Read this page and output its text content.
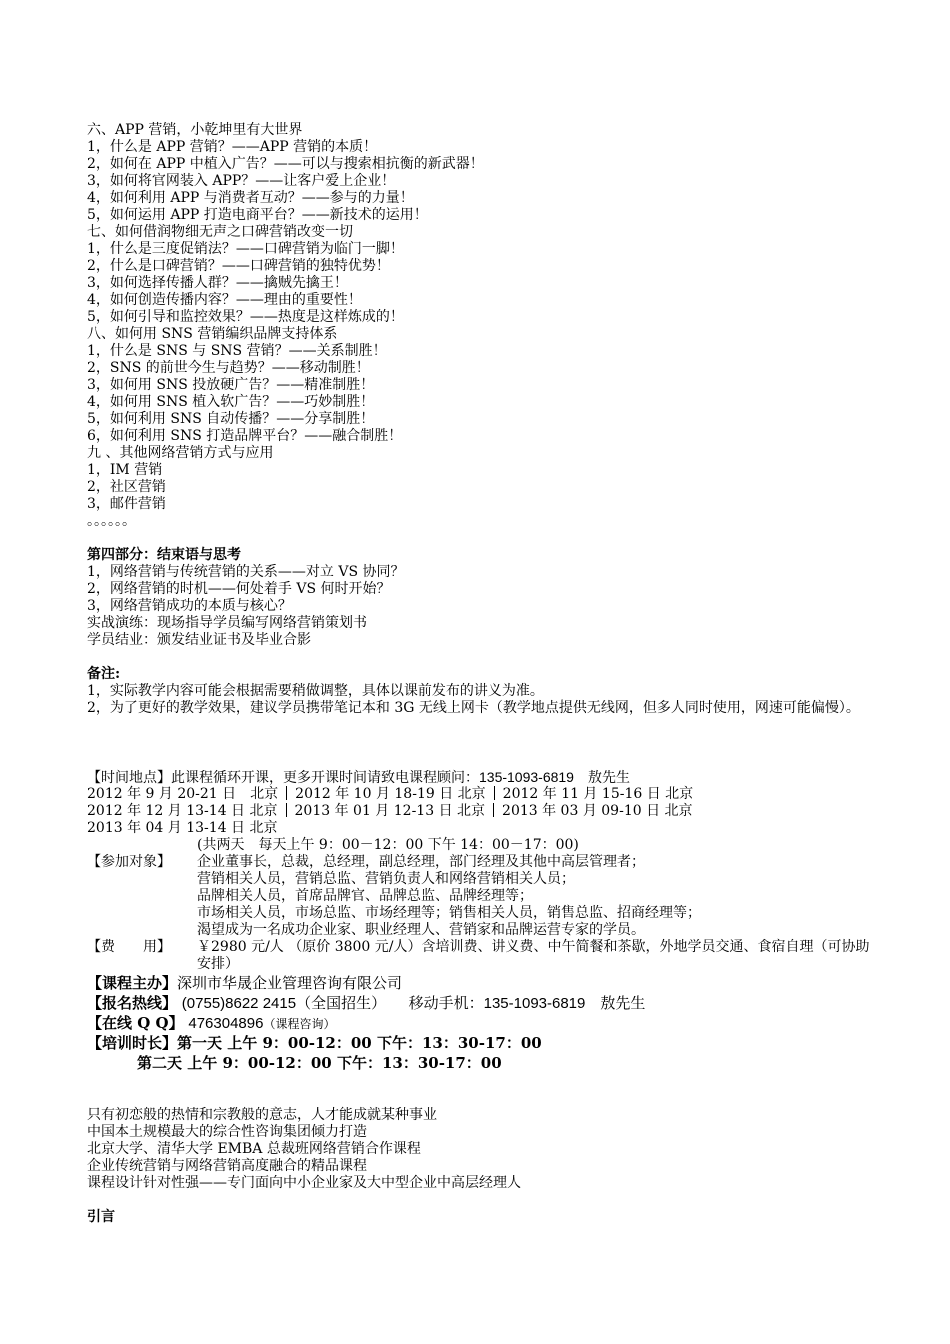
六、APP 营销，小乾坤里有大世界
1，什么是 APP 营销？——APP 营销的本质！
2，如何在 APP 中植入广告？——可以与搜索相抗衡的新武器！
3，如何将官网装入 APP？——让客户爱上企业！
4，如何利用 APP 与消费者互动？——参与的力量！
5，如何运用 APP 打造电商平台？——新技术的运用！
七、如何借润物细无声之口碑营销改变一切
1，什么是三度促销法？——口碑营销为临门一脚！
2，什么是口碑营销？——口碑营销的独特优势！
3，如何选择传播人群？——擒贼先擒王！
4，如何创造传播内容？——理由的重要性！
5，如何引导和监控效果？——热度是这样炼成的！
八、如何用 SNS 营销编织品牌支持体系
1，什么是 SNS 与 SNS 营销？——关系制胜！
2，SNS 的前世今生与趋势？——移动制胜！
3，如何用 SNS 投放硬广告？——精准制胜！
4，如何用 SNS 植入软广告？——巧妙制胜！
5，如何利用 SNS 自动传播？——分享制胜！
6，如何利用 SNS 打造品牌平台？——融合制胜！
九 、其他网络营销方式与应用
1，IM 营销
2，社区营销
3，邮件营销
。。。。。。
第四部分：结束语与思考
1，网络营销与传统营销的关系——对立 VS 协同？
2，网络营销的时机——何处着手 VS 何时开始？
3，网络营销成功的本质与核心？
实战演练：现场指导学员编写网络营销策划书
学员结业：颁发结业证书及毕业合影
备注:
1，实际教学内容可能会根据需要稍做调整，具体以课前发布的讲义为准。
2，为了更好的教学效果，建议学员携带笔记本和 3G 无线上网卡（教学地点提供无线网，但多人同时使用，网速可能偏慢）。
【时间地点】此课程循环开课，更多开课时间请致电课程顾问：135-1093-6819　 敖先生
2012 年 9 月 20-21 日　北京 2012 年 10 月 18-19 日 北京 2012 年 11 月 15-16 日 北京
2012 年 12 月 13-14 日 北京 2013 年 01 月 12-13 日 北京 2013 年 03 月 09-10 日 北京
2013 年 04 月 13-14 日 北京
(共两天　每天上午 9：00－12：00 下午 14：00－17：00)
【参加对象】	企业董事长，总裁，总经理，副总经理，部门经理及其他中高层管理者；
营销相关人员，营销总监、营销负责人和网络营销相关人员；
品牌相关人员，首席品牌官、品牌总监、品牌经理等；
市场相关人员，市场总监、市场经理等；销售相关人员，销售总监、招商经理等；
渴望成为一名成功企业家、职业经理人、营销家和品牌运营专家的学员。
【费　　用】	￥2980 元/人 （原价 3800 元/人）含培训费、讲义费、中午简餐和茶歇，外地学员交通、食宿自理（可协助安排）
【课程主办】深圳市华晟企业管理咨询有限公司
【报名热线】 (0755)8622 2415（全国招生）　　 移动手机：135-1093-6819　 敖先生
【在线 Q Q】 476304896（课程咨询）
【培训时长】第一天 上午 9：00-12：00 下午：13：30-17：00
第二天 上午 9：00-12：00 下午：13：30-17：00
只有初恋般的热情和宗教般的意志，人才能成就某种事业
中国本土规模最大的综合性咨询集团倾力打造
北京大学、清华大学 EMBA 总裁班网络营销合作课程
企业传统营销与网络营销高度融合的精品课程
课程设计针对性强——专门面向中小企业家及大中型企业中高层经理人
引言
